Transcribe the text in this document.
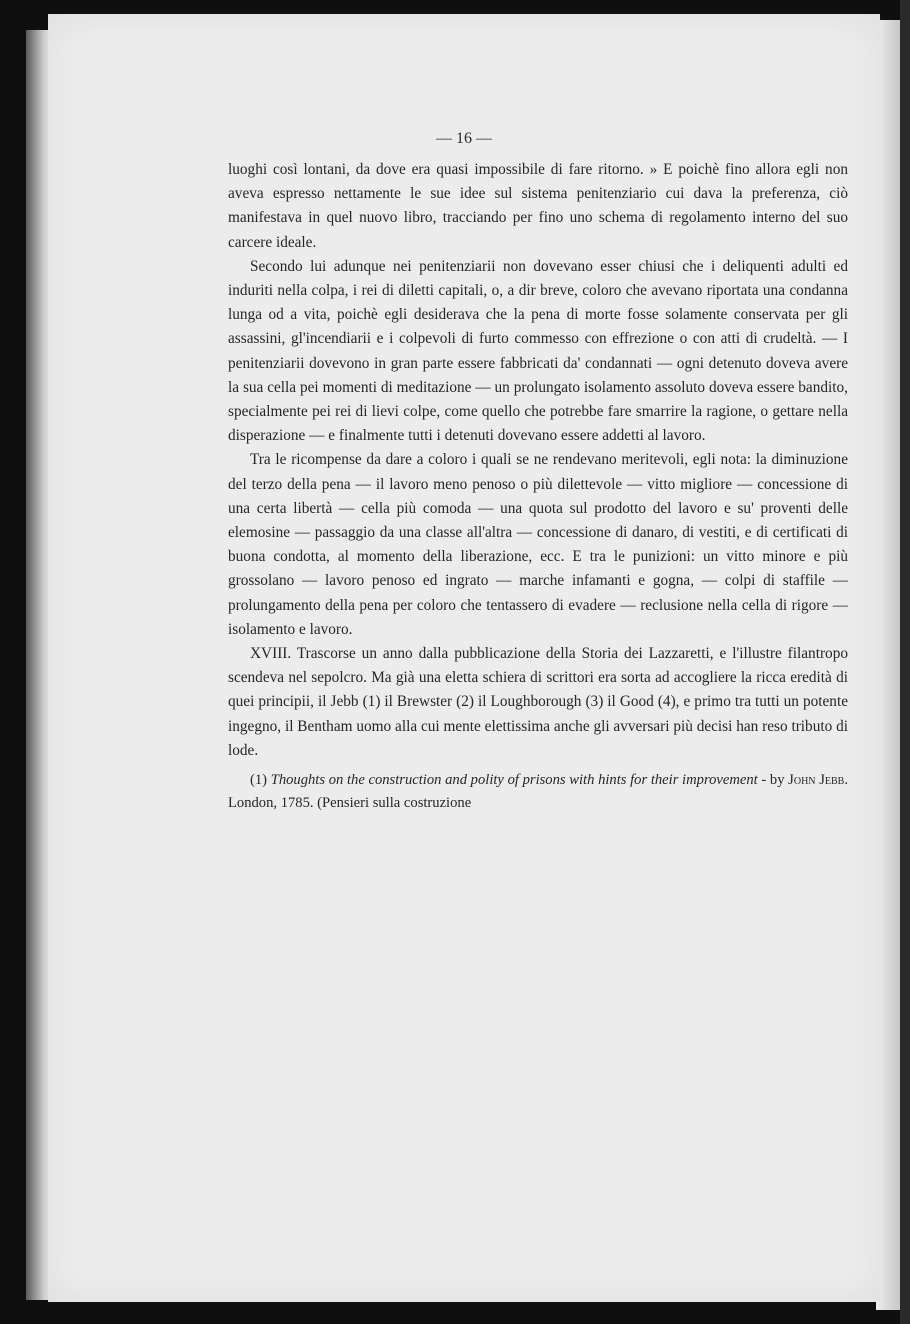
— 16 —

luoghi così lontani, da dove era quasi impossibile di fare ritorno. » E poichè fino allora egli non aveva espresso nettamente le sue idee sul sistema penitenziario cui dava la preferenza, ciò manifestava in quel nuovo libro, tracciando per fino uno schema di regolamento interno del suo carcere ideale.

Secondo lui adunque nei penitenziarii non dovevano esser chiusi che i deliquenti adulti ed induriti nella colpa, i rei di diletti capitali, o, a dir breve, coloro che avevano riportata una condanna lunga od a vita, poichè egli desiderava che la pena di morte fosse solamente conservata per gli assassini, gl'incendiarii e i colpevoli di furto commesso con effrezione o con atti di crudeltà. — I penitenziarii dovevono in gran parte essere fabbricati da' condannati — ogni detenuto doveva avere la sua cella pei momenti di meditazione — un prolungato isolamento assoluto doveva essere bandito, specialmente pei rei di lievi colpe, come quello che potrebbe fare smarrire la ragione, o gettare nella disperazione — e finalmente tutti i detenuti dovevano essere addetti al lavoro.

Tra le ricompense da dare a coloro i quali se ne rendevano meritevoli, egli nota: la diminuzione del terzo della pena — il lavoro meno penoso o più dilettevole — vitto migliore — concessione di una certa libertà — cella più comoda — una quota sul prodotto del lavoro e su' proventi delle elemosine — passaggio da una classe all'altra — concessione di danaro, di vestiti, e di certificati di buona condotta, al momento della liberazione, ecc. E tra le punizioni: un vitto minore e più grossolano — lavoro penoso ed ingrato — marche infamanti e gogna, — colpi di staffile — prolungamento della pena per coloro che tentassero di evadere — reclusione nella cella di rigore — isolamento e lavoro.

XVIII. Trascorse un anno dalla pubblicazione della Storia dei Lazzaretti, e l'illustre filantropo scendeva nel sepolcro. Ma già una eletta schiera di scrittori era sorta ad accogliere la ricca eredità di quei principii, il Jebb (1) il Brewster (2) il Loughborough (3) il Good (4), e primo tra tutti un potente ingegno, il Bentham uomo alla cui mente elettissima anche gli avversari più decisi han reso tributo di lode.

(1) Thoughts on the construction and polity of prisons with hints for their improvement - by John Jebb. London, 1785. (Pensieri sulla costruzione
